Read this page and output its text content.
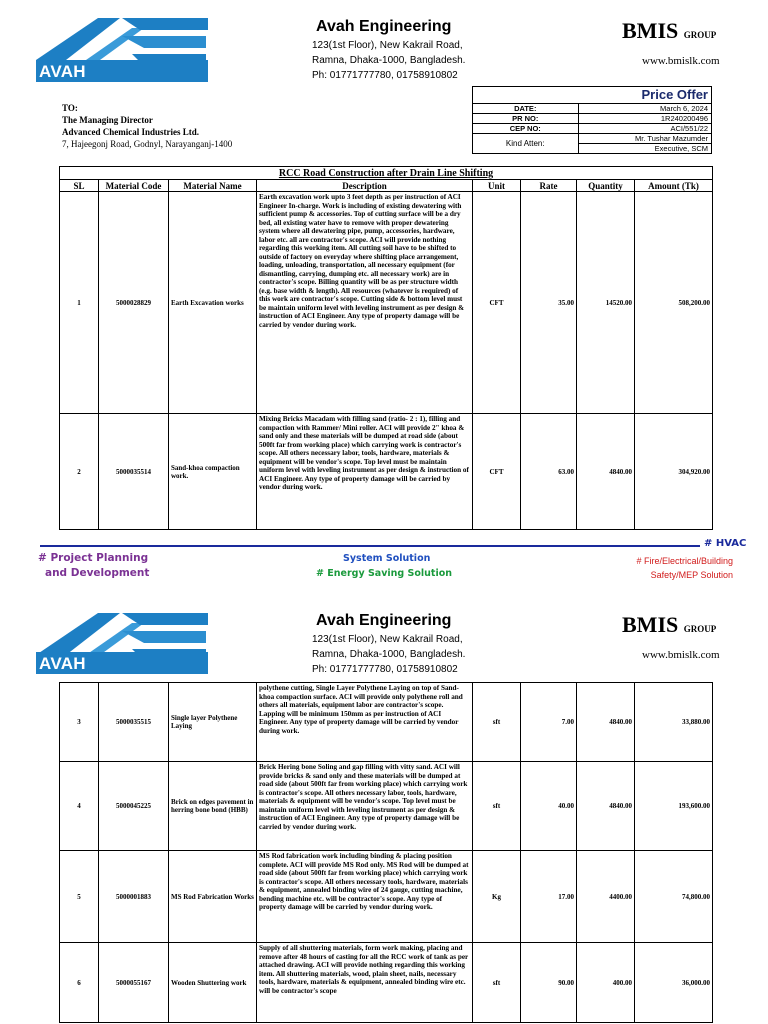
AVAH ENGINEERING
Avah Engineering
123(1st Floor), New Kakrail Road,
Ramna, Dhaka-1000, Bangladesh.
Ph: 01771777780, 01758910802
BMIS GROUP
www.bmislk.com
TO:
The Managing Director
Advanced Chemical Industries Ltd.
7, Hajeegonj Road, Godnyl, Narayanganj-1400
Price Offer
DATE:	March 6, 2024
PR NO:	1R240200496
CEP NO:	ACI/551/22
Kind Atten:	Mr. Tushar Mazumder
	Executive, SCM
RCC Road Construction after Drain Line Shifting							
SL	Material Code	Material Name	Description	Unit	Rate	Quantity	Amount (Tk)
1	5000028829	Earth Excavation works	Earth excavation work upto 3 feet depth as per instruction of ACI Engineer In-charge. Work is including of existing dewatering with sufficient pump & accessories. Top of cutting surface will be a dry bed, all existing water have to remove with proper dewatering system where all dewatering pipe, pump, accessories, hardware, labor etc. all are contractor's scope. ACI will provide nothing regarding this working item. All cutting soil have to be shifted to outside of factory on everyday where shifting place arrangement, loading, unloading, transportation, all necessary equipment (for dismantling, carrying, dumping etc. all necessary work) are in contractor's scope. Billing quantity will be as per structure width (e.g. base width & length). All resources (whatever is required) of this work are contractor's scope. Cutting side & bottom level must be maintain uniform level with leveling instrument as per design & instruction of ACI Engineer. Any type of property damage will be carried by vendor during work.	CFT	35.00	14520.00	508,200.00
2	5000035514	Sand-khoa compaction work.	Mixing Bricks Macadam with filling sand (ratio- 2 : 1), filling and compaction with Rammer/ Mini roller. ACI will provide 2" khoa & sand only and these materials will be dumped at road side (about 500ft far from working place) which carrying work is contractor's scope. All others necessary labor, tools, hardware, materials & equipment will be vendor's scope. Top level must be maintain uniform level with leveling instrument as per design & instruction of ACI Engineer. Any type of property damage will be carried by vendor during work.	CFT	63.00	4840.00	304,920.00
# HVAC
# Project Planning
and Development
System Solution
# Energy Saving Solution
# Fire/Electrical/Building
Safety/MEP Solution
AVAH ENGINEERING
Avah Engineering
123(1st Floor), New Kakrail Road,
Ramna, Dhaka-1000, Bangladesh.
Ph: 01771777780, 01758910802
BMIS GROUP
www.bmislk.com
3	5000035515	Single layer Polythene Laying	polythene cutting, Single Layer Polythene Laying on top of Sand- khoa compaction surface. ACI will provide only polythene roll and others all materials, equipment labor are contractor's scope. Lapping will be minimum 150mm as per instruction of ACI Engineer. Any type of property damage will be carried by vendor during work.	sft	7.00	4840.00	33,880.00
4	5000045225	Brick on edges pavement in herring bone bond (HBB)	Brick Hering bone Soling and gap filling with vitty sand. ACI will provide bricks & sand only and these materials will be dumped at road side (about 500ft far from working place) which carrying work is contractor's scope. All others necessary labor, tools, hardware, materials & equipment will be vendor's scope. Top level must be maintain uniform level with leveling instrument as per design & instruction of ACI Engineer. Any type of property damage will be carried by vendor during work.	sft	40.00	4840.00	193,600.00
5	5000001883	MS Rod Fabrication Works	MS Rod fabrication work including binding & placing position complete. ACI will provide MS Rod only. MS Rod will be dumped at road side (about 500ft far from working place) which carrying work is contractor's scope. All others necessary tools, hardware, materials & equipment, annealed binding wire of 24 gauge, cutting machine, bending machine etc. will be contractor's scope. Any type of property damage will be carried by vendor during work.	Kg	17.00	4400.00	74,800.00
6	5000055167	Wooden Shuttering work	Supply of all shuttering materials, form work making, placing and remove after 48 hours of casting for all the RCC work of tank as per attached drawing. ACI will provide nothing regarding this working item. All shuttering materials, wood, plain sheet, nails, necessary tools, hardware, materials & equipment, annealed binding wire etc. will be contractor's scope	sft	90.00	400.00	36,000.00
